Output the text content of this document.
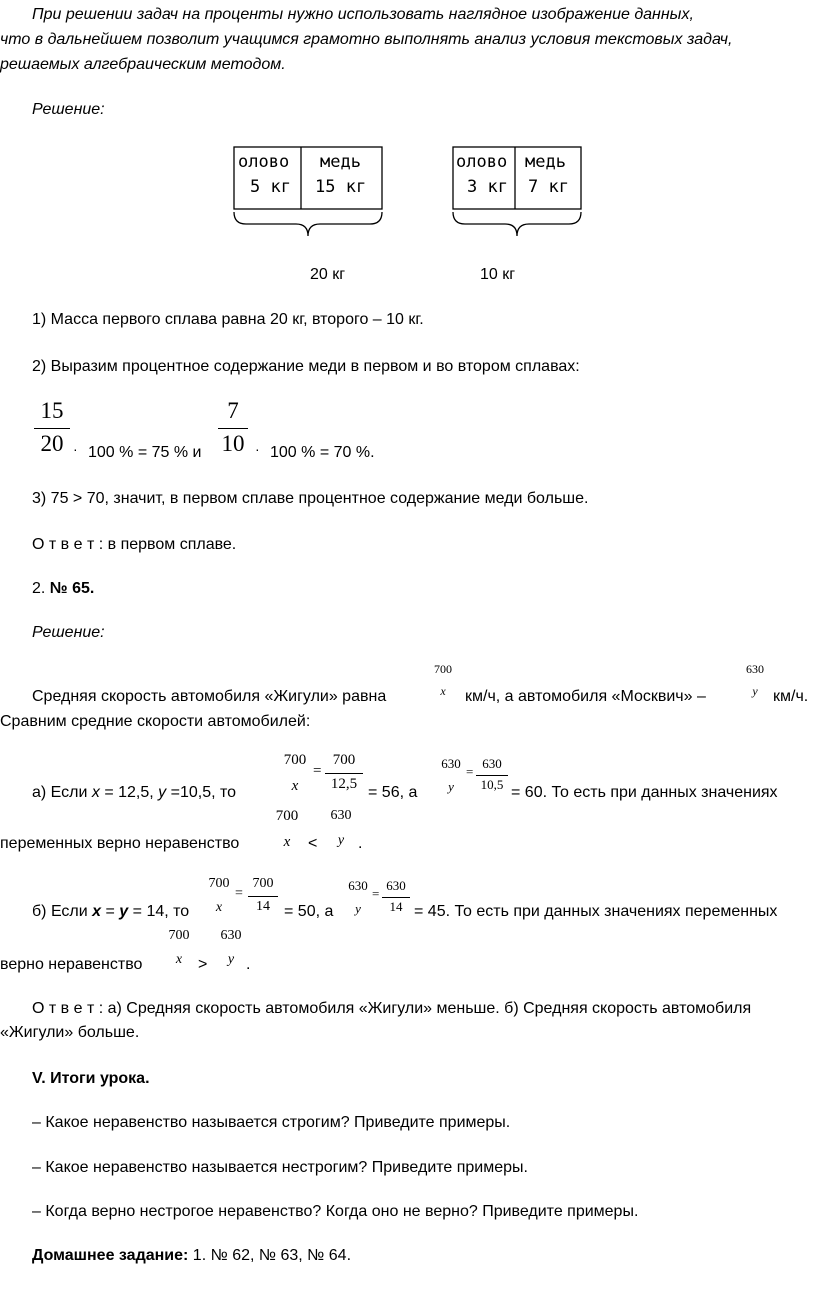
При решении задач на проценты нужно использовать наглядное изображение данных,

что в дальнейшем позволит учащимся грамотно выполнять анализ условия текстовых задач,

решаемых алгебраическим методом.

Решение:
олово
5 кг
медь
15 кг
олово
3 кг
медь
7 кг
20 кг	10 кг
1) Масса первого сплава равна 20 кг, второго – 10 кг.
2) Выразим процентное содержание меди в первом и во втором сплавах:
15
20 · 100 % = 75 % и
7
10 · 100 % = 70 %.
3) 75 > 70, значит, в первом сплаве процентное содержание меди больше.
О т в е т : в первом сплаве.
2. № 65.
Решение:
Средняя скорость автомобиля «Жигули» равна
700
x	км/ч, а автомобиля «Москвич» –
630
y км/ч.
Сравним средние скорости автомобилей:
а) Если x = 12,5, y =10,5, то
700
x
=
700
12,5 = 56, а
630
y
=
630
10,5 = 60. То есть при данных значениях
переменных верно неравенство
700
x	<
630
y .
б) Если x = y = 14, то
700
x
=
700
14 = 50, а
630
y
=
630
14 = 45. То есть при данных значениях переменных
верно неравенство
700
x >
630
y .
О т в е т : а) Средняя скорость автомобиля «Жигули» меньше. б) Средняя скорость автомобиля
«Жигули» больше.
V. Итоги урока.
– Какое неравенство называется строгим? Приведите примеры.
– Какое неравенство называется нестрогим? Приведите примеры.
– Когда верно нестрогое неравенство? Когда оно не верно? Приведите примеры.
Домашнее задание: 1. № 62, № 63, № 64.
